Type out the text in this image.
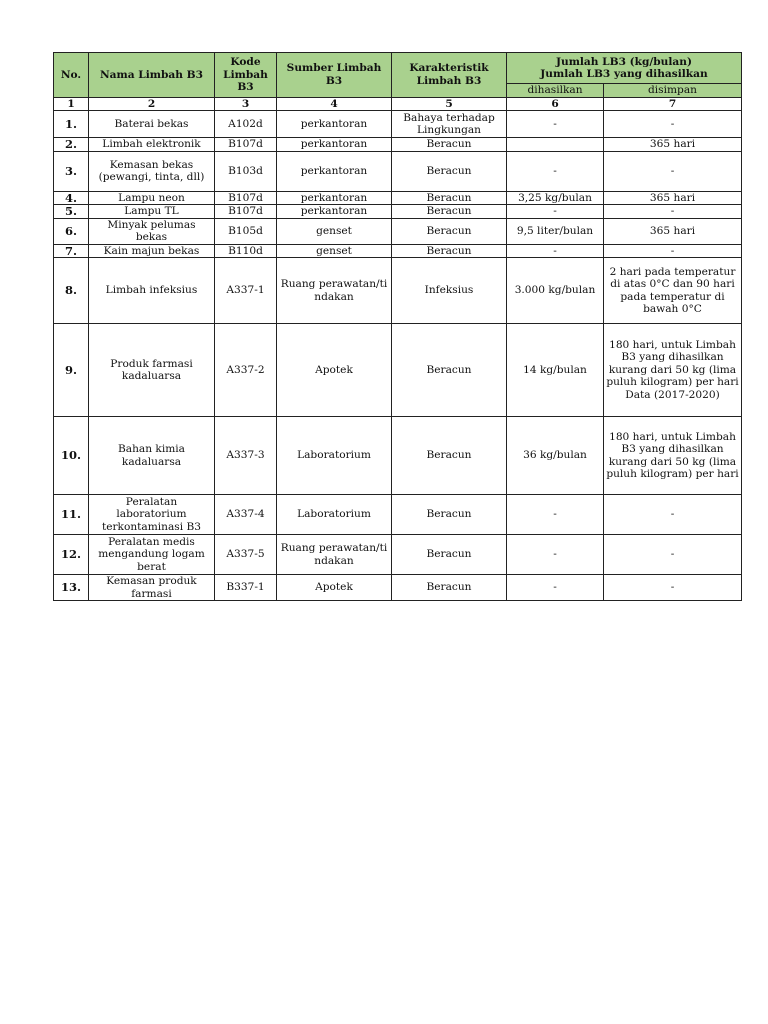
No.	Nama Limbah B3	Kode Limbah B3	Sumber Limbah B3	Karakteristik Limbah B3	Jumlah LB3 (kg/bulan)
Jumlah LB3 yang dihasilkan	

					dihasilkan	disimpan
1	2	3	4	5	6	7
1.	Baterai bekas	A102d	perkantoran	Bahaya terhadap Lingkungan	-	-
2.	Limbah elektronik	B107d	perkantoran	Beracun		365 hari
3.	Kemasan bekas (pewangi, tinta, dll)	B103d	perkantoran	Beracun	-	-
4.	Lampu neon	B107d	perkantoran	Beracun	3,25 kg/bulan	365 hari
5.	Lampu TL	B107d	perkantoran	Beracun	-	-
6.	Minyak pelumas bekas	B105d	genset	Beracun	9,5 liter/bulan	365 hari
7.	Kain majun bekas	B110d	genset	Beracun	-	-
8.	Limbah infeksius	A337-1	Ruang perawatan/tindakan	Infeksius	3.000 kg/bulan	2 hari pada temperatur di atas 0°C dan 90 hari pada temperatur di bawah 0°C
9.	Produk farmasi kadaluarsa	A337-2	Apotek	Beracun	14 kg/bulan	180 hari, untuk Limbah B3 yang dihasilkan kurang dari 50 kg (lima puluh kilogram) per hari Data (2017-2020)
10.	Bahan kimia kadaluarsa	A337-3	Laboratorium	Beracun	36 kg/bulan	180 hari, untuk Limbah B3 yang dihasilkan kurang dari 50 kg (lima puluh kilogram) per hari
11.	Peralatan laboratorium terkontaminasi B3	A337-4	Laboratorium	Beracun	-	-
12.	Peralatan medis mengandung logam berat	A337-5	Ruang perawatan/tindakan	Beracun	-	-
13.	Kemasan produk farmasi	B337-1	Apotek	Beracun	-	-
